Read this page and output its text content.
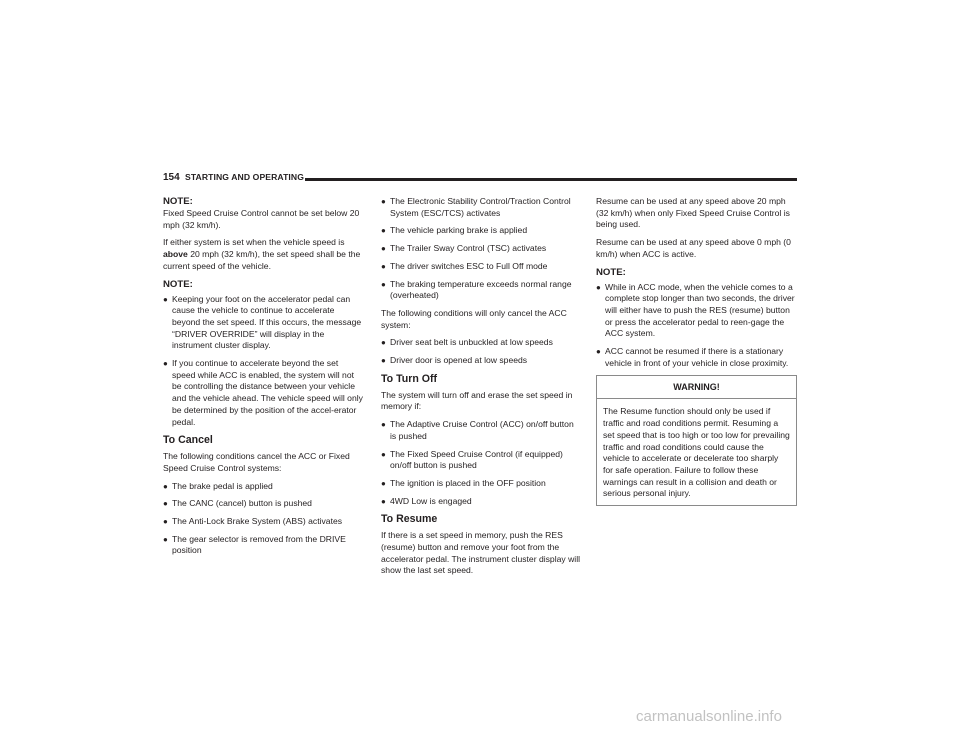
154 STARTING AND OPERATING
NOTE:

Fixed Speed Cruise Control cannot be set below 20 mph (32 km/h).

If either system is set when the vehicle speed is above 20 mph (32 km/h), the set speed shall be the current speed of the vehicle.

NOTE:
● Keeping your foot on the accelerator pedal can cause the vehicle to continue to accelerate beyond the set speed. If this occurs, the message “DRIVER OVERRIDE” will display in the instrument cluster display.
● If you continue to accelerate beyond the set speed while ACC is enabled, the system will not be controlling the distance between your vehicle and the vehicle ahead. The vehicle speed will only be determined by the position of the accel-erator pedal.
To Cancel

The following conditions cancel the ACC or Fixed Speed Cruise Control systems:

● The brake pedal is applied
● The CANC (cancel) button is pushed
● The Anti-Lock Brake System (ABS) activates
● The gear selector is removed from the DRIVE position
● The Electronic Stability Control/Traction Control System (ESC/TCS) activates
● The vehicle parking brake is applied
● The Trailer Sway Control (TSC) activates
● The driver switches ESC to Full Off mode
● The braking temperature exceeds normal range (overheated)

The following conditions will only cancel the ACC system:

● Driver seat belt is unbuckled at low speeds
● Driver door is opened at low speeds
To Turn Off

The system will turn off and erase the set speed in memory if:

● The Adaptive Cruise Control (ACC) on/off button is pushed
● The Fixed Speed Cruise Control (if equipped) on/off button is pushed
● The ignition is placed in the OFF position
● 4WD Low is engaged
To Resume

If there is a set speed in memory, push the RES (resume) button and remove your foot from the accelerator pedal. The instrument cluster display will show the last set speed.

Resume can be used at any speed above 20 mph (32 km/h) when only Fixed Speed Cruise Control is being used.

Resume can be used at any speed above 0 mph (0 km/h) when ACC is active.

NOTE:
● While in ACC mode, when the vehicle comes to a complete stop longer than two seconds, the driver will either have to push the RES (resume) button or press the accelerator pedal to reen-gage the ACC system.
● ACC cannot be resumed if there is a stationary vehicle in front of your vehicle in close proximity.
WARNING!
The Resume function should only be used if traffic and road conditions permit. Resuming a set speed that is too high or too low for prevailing traffic and road conditions could cause the vehicle to accelerate or decelerate too sharply for safe operation. Failure to follow these warnings can result in a collision and death or serious personal injury.
carmanualsonline.info
